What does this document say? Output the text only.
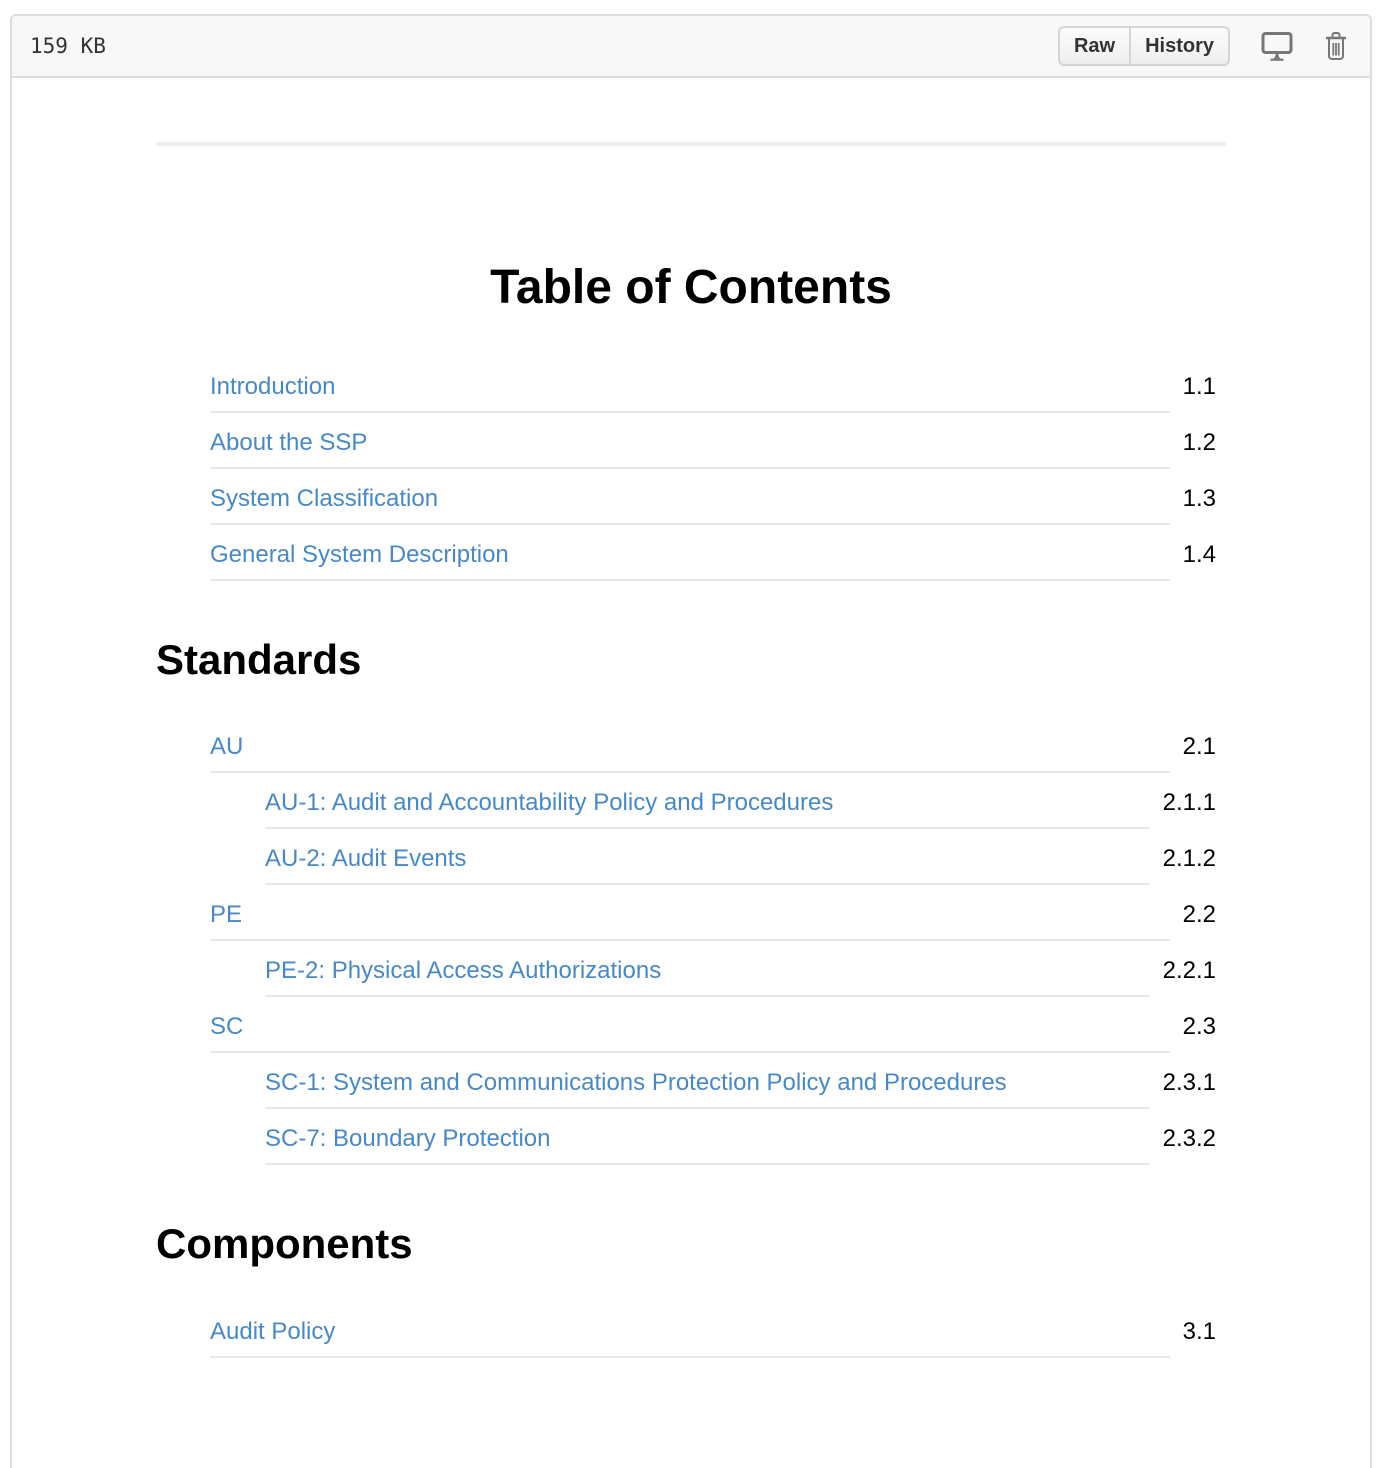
159 KB	Raw	History
Table of Contents
Introduction	1.1
About the SSP	1.2
System Classification	1.3
General System Description	1.4
Standards
AU	2.1
AU-1: Audit and Accountability Policy and Procedures	2.1.1
AU-2: Audit Events	2.1.2
PE	2.2
PE-2: Physical Access Authorizations	2.2.1
SC	2.3
SC-1: System and Communications Protection Policy and Procedures	2.3.1
SC-7: Boundary Protection	2.3.2
Components
Audit Policy	3.1
